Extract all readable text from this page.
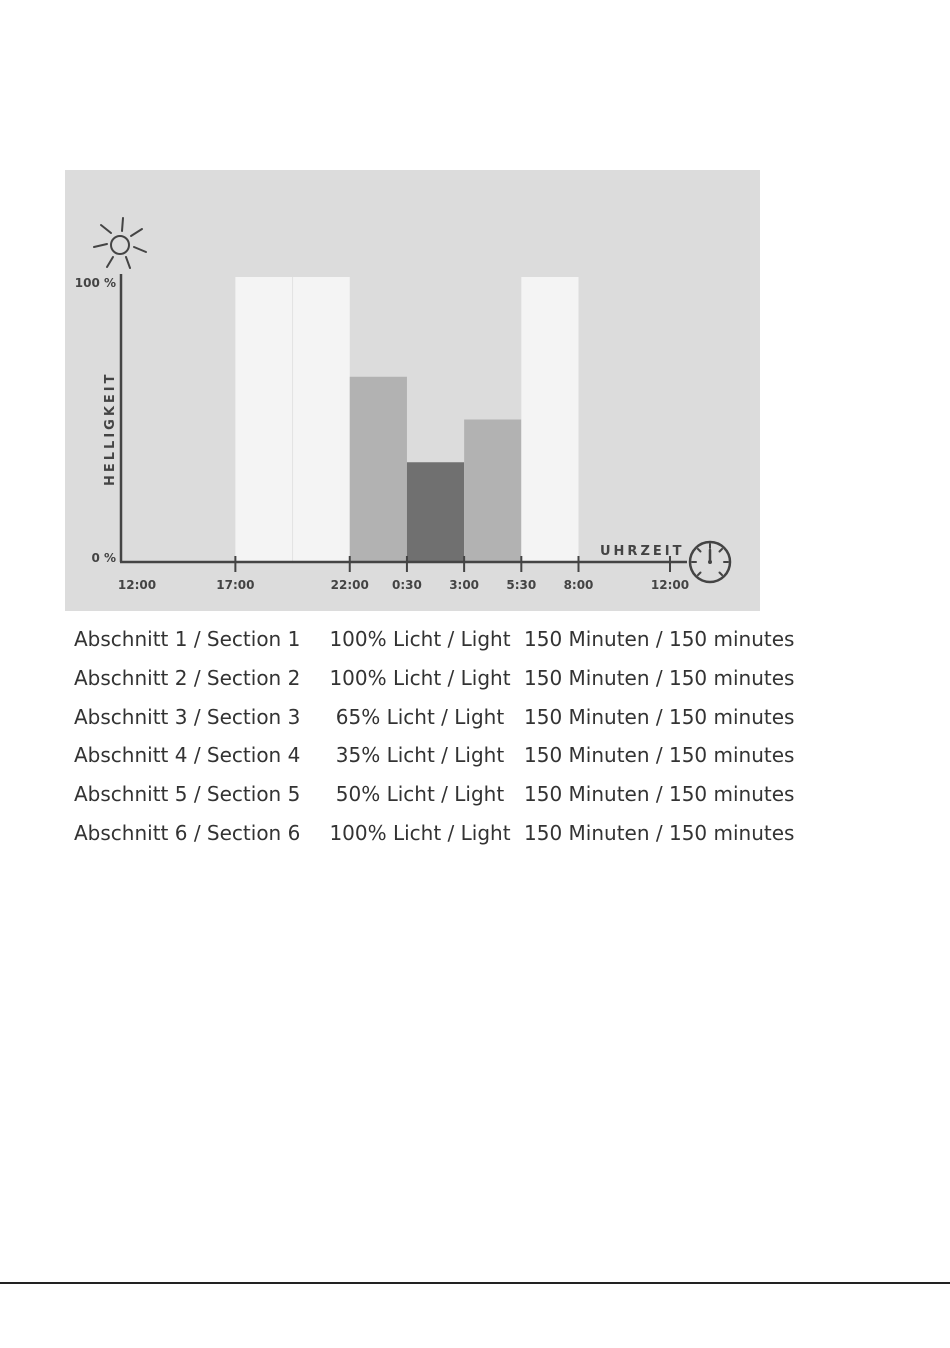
HELLIGKEIT
100 %
0 %
12:00	17:00	22:00 0:30 3:00 5:30 8:00	12:00
UHRZEIT
Abschnitt 1 / Section 1	100% Licht / Light	150 Minuten / 150 minutes
Abschnitt 2 / Section 2	100% Licht / Light	150 Minuten / 150 minutes
Abschnitt 3 / Section 3	65% Licht / Light	150 Minuten / 150 minutes
Abschnitt 4 / Section 4	35% Licht / Light	150 Minuten / 150 minutes
Abschnitt 5 / Section 5	50% Licht / Light	150 Minuten / 150 minutes
Abschnitt 6 / Section 6	100% Licht / Light	150 Minuten / 150 minutes
